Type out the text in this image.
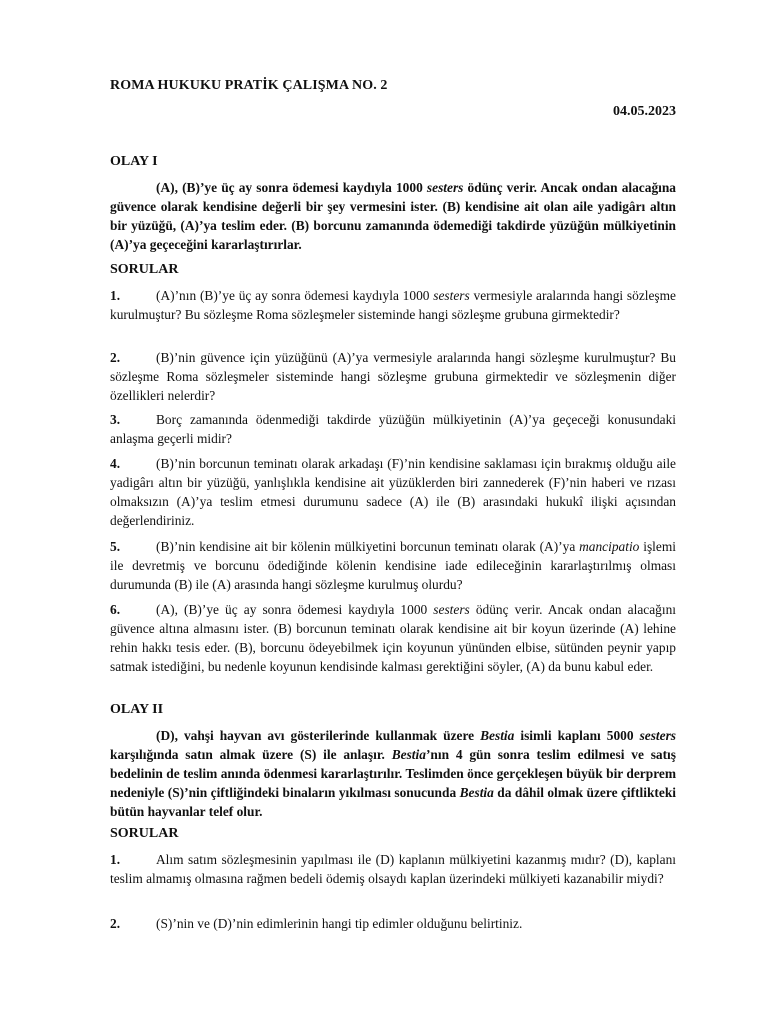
ROMA HUKUKU PRATİK ÇALIŞMA NO. 2
04.05.2023
OLAY I
(A), (B)’ye üç ay sonra ödemesi kaydıyla 1000 sesters ödünç verir. Ancak ondan alacağına güvence olarak kendisine değerli bir şey vermesini ister. (B) kendisine ait olan aile yadigârı altın bir yüzüğü, (A)’ya teslim eder. (B) borcunu zamanında ödemediği takdirde yüzüğün mülkiyetinin (A)’ya geçeceğini kararlaştırırlar.
SORULAR
1.	(A)’nın (B)’ye üç ay sonra ödemesi kaydıyla 1000 sesters vermesiyle aralarında hangi sözleşme kurulmuştur? Bu sözleşme Roma sözleşmeler sisteminde hangi sözleşme grubuna girmektedir?
2.	(B)’nin güvence için yüzüğünü (A)’ya vermesiyle aralarında hangi sözleşme kurulmuştur? Bu sözleşme Roma sözleşmeler sisteminde hangi sözleşme grubuna girmektedir ve sözleşmenin diğer özellikleri nelerdir?
3.	Borç zamanında ödenmediği takdirde yüzüğün mülkiyetinin (A)’ya geçeceği konusundaki anlaşma geçerli midir?
4.	(B)’nin borcunun teminatı olarak arkadaşı (F)’nin kendisine saklaması için bırakmış olduğu aile yadigârı altın bir yüzüğü, yanlışlıkla kendisine ait yüzüklerden biri zannederek (F)’nin haberi ve rızası olmaksızın (A)’ya teslim etmesi durumunu sadece (A) ile (B) arasındaki hukukî ilişki açısından değerlendiriniz.
5.	(B)’nin kendisine ait bir kölenin mülkiyetini borcunun teminatı olarak (A)’ya mancipatio işlemi ile devretmiş ve borcunu ödediğinde kölenin kendisine iade edileceğinin kararlaştırılmış olması durumunda (B) ile (A) arasında hangi sözleşme kurulmuş olurdu?
6.	(A), (B)’ye üç ay sonra ödemesi kaydıyla 1000 sesters ödünç verir. Ancak ondan alacağını güvence altına almasını ister. (B) borcunun teminatı olarak kendisine ait bir koyun üzerinde (A) lehine rehin hakkı tesis eder. (B), borcunu ödeyebilmek için koyunun yününden elbise, sütünden peynir yapıp satmak istediğini, bu nedenle koyunun kendisinde kalması gerektiğini söyler, (A) da bunu kabul eder.
OLAY II
(D), vahşi hayvan avı gösterilerinde kullanmak üzere Bestia isimli kaplanı 5000 sesters karşılığında satın almak üzere (S) ile anlaşır. Bestia’nın 4 gün sonra teslim edilmesi ve satış bedelinin de teslim anında ödenmesi kararlaştırılır. Teslimden önce gerçekleşen büyük bir derprem nedeniyle (S)’nin çiftliğindeki binaların yıkılması sonucunda Bestia da dâhil olmak üzere çiftlikteki bütün hayvanlar telef olur.
SORULAR
1.	Alım satım sözleşmesinin yapılması ile (D) kaplanın mülkiyetini kazanmış mıdır? (D), kaplanı teslim almamış olmasına rağmen bedeli ödemiş olsaydı kaplan üzerindeki mülkiyeti kazanabilir miydi?
2.	(S)’nin ve (D)’nin edimlerinin hangi tip edimler olduğunu belirtiniz.
